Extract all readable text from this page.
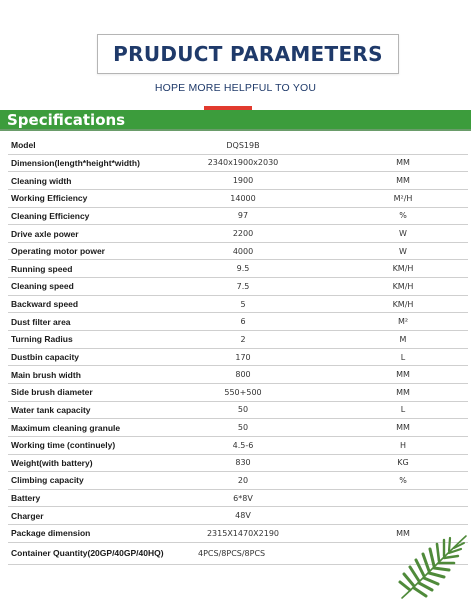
PRUDUCT PARAMETERS
HOPE MORE HELPFUL TO YOU
Specifications
Model	DQS19B
Dimension(length*height*width)	2340x1900x2030	MM
Cleaning width	1900	MM
Working Efficiency	14000	M²/H
Cleaning Efficiency	97	%
Drive axle power	2200	W
Operating motor power	4000	W
Running speed	9.5	KM/H
Cleaning speed	7.5	KM/H
Backward speed	5	KM/H
Dust filter area	6	M²
Turning Radius	2	M
Dustbin capacity	170	L
Main brush width	800	MM
Side brush diameter	550+500	MM
Water tank capacity	50	L
Maximum cleaning granule	50	MM
Working time (continuely)	4.5-6	H
Weight(with battery)	830	KG
Climbing capacity	20	%
Battery	6*8V
Charger	48V
Package dimension	2315X1470X2190	MM
Container Quantity(20GP/40GP/40HQ)	4PCS/8PCS/8PCS
